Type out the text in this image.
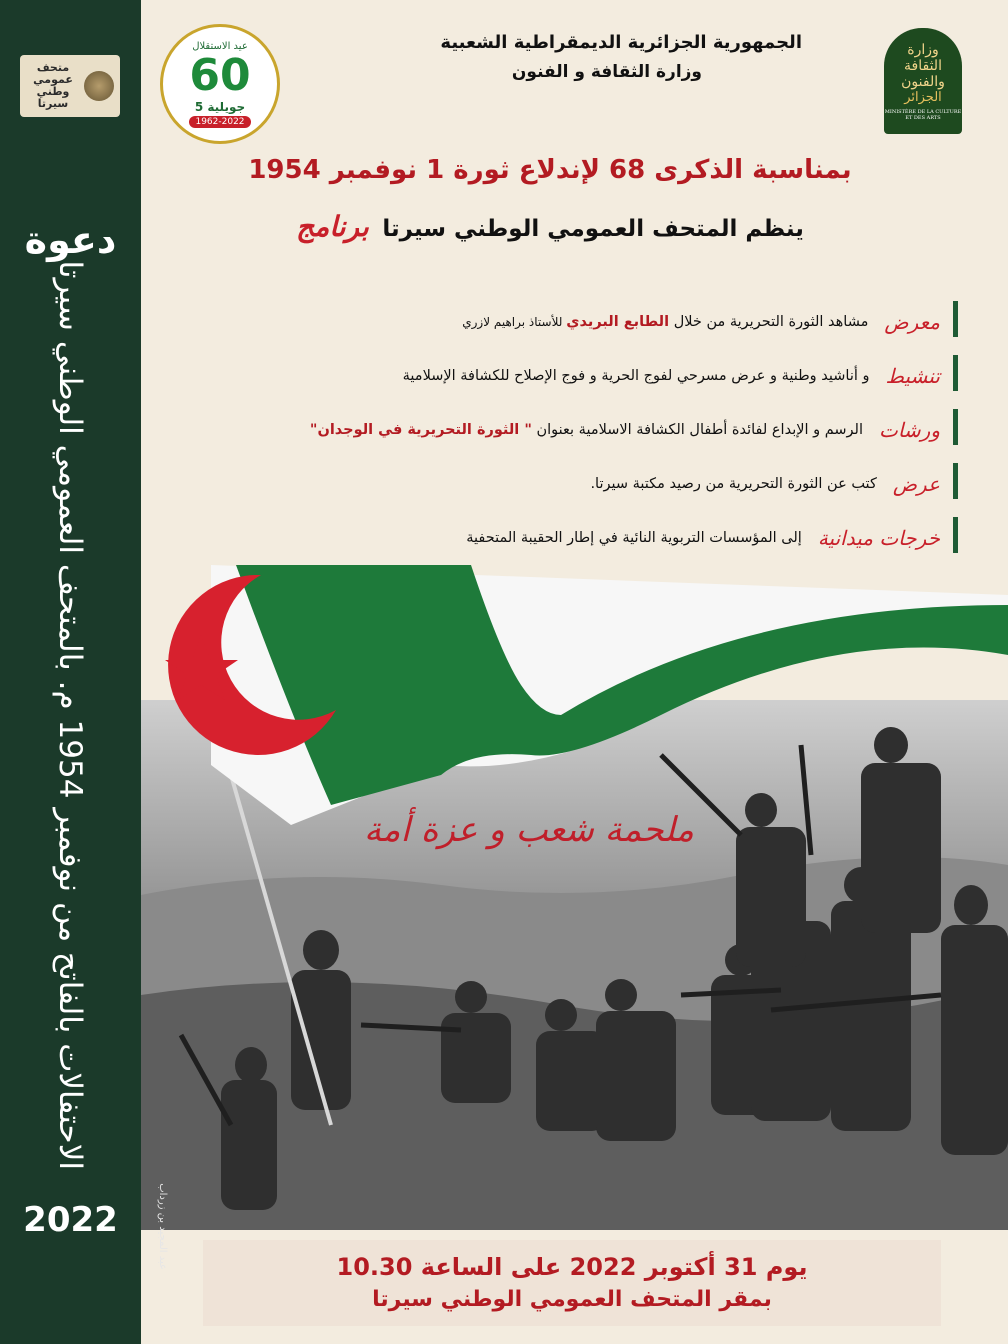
متحف عمومي وطني سيرتا
دعوة
الاحتفالات بالفاتح من نوفمبر 1954 م. بالمتحف العمومي الوطني سيرتا
2022
عيد الاستقلال
60
جويلية 5
1962-2022
الجمهورية الجزائرية الديمقراطية الشعبية
وزارة الثقافة و الفنون
وزارة
الثقافة والفنون
الجزائر
MINISTÈRE DE LA CULTURE ET DES ARTS
بمناسبة الذكرى 68 لإندلاع ثورة 1 نوفمبر 1954
ينظم المتحف العمومي الوطني سيرتا برنامج
معرض
مشاهد الثورة التحريرية من خلال الطابع البريدي للأستاذ براهيم لازري
تنشيط
و أناشيد وطنية و عرض مسرحي لفوج الحرية و فوج الإصلاح للكشافة الإسلامية
ورشات
الرسم و الإبداع لفائدة أطفال الكشافة الاسلامية بعنوان " الثورة التحريرية في الوجدان"
عرض
كتب عن الثورة التحريرية من رصيد مكتبة سيرتا.
خرجات ميدانية
إلى المؤسسات التربوية النائية في إطار الحقيبة المتحفية
ملحمة شعب و عزة أمة
عبد المجيد بن زرداب	يوم 31 أكتوبر 2022 على الساعة 10.30
بمقر المتحف العمومي الوطني سيرتا
